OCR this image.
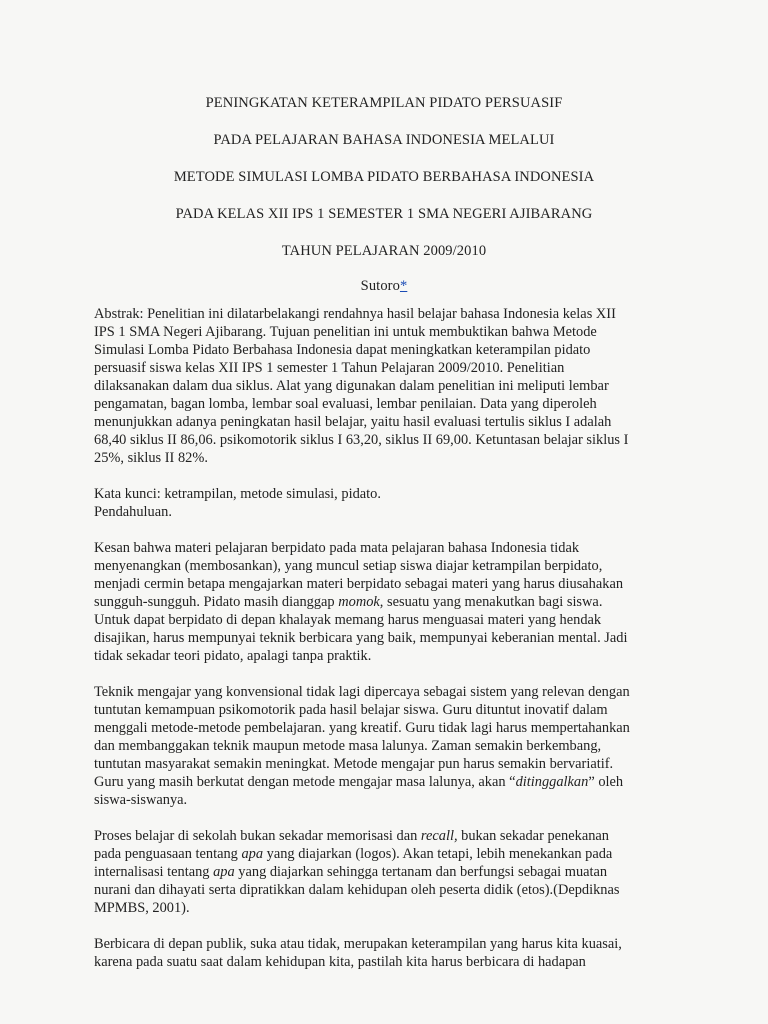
PENINGKATAN KETERAMPILAN PIDATO PERSUASIF
PADA PELAJARAN BAHASA INDONESIA MELALUI
METODE SIMULASI LOMBA PIDATO BERBAHASA INDONESIA
PADA KELAS XII IPS 1 SEMESTER 1 SMA NEGERI AJIBARANG
TAHUN PELAJARAN 2009/2010
Sutoro*

Abstrak: Penelitian ini dilatarbelakangi rendahnya hasil belajar bahasa Indonesia kelas XII
IPS 1 SMA Negeri Ajibarang. Tujuan penelitian ini untuk membuktikan bahwa Metode
Simulasi Lomba Pidato Berbahasa Indonesia dapat meningkatkan keterampilan pidato
persuasif siswa kelas XII IPS 1 semester 1 Tahun Pelajaran 2009/2010. Penelitian
dilaksanakan dalam dua siklus. Alat yang digunakan dalam penelitian ini meliputi lembar
pengamatan, bagan lomba, lembar soal evaluasi, lembar penilaian. Data yang diperoleh
menunjukkan adanya peningkatan hasil belajar, yaitu hasil evaluasi tertulis siklus I adalah
68,40 siklus II 86,06. psikomotorik siklus I 63,20, siklus II 69,00. Ketuntasan belajar siklus I
25%, siklus II 82%.

Kata kunci: ketrampilan, metode simulasi, pidato.

Pendahuluan.

Kesan bahwa materi pelajaran berpidato pada mata pelajaran bahasa Indonesia tidak
menyenangkan (membosankan), yang muncul setiap siswa diajar ketrampilan berpidato,
menjadi cermin betapa mengajarkan materi berpidato sebagai materi yang harus diusahakan
sungguh-sungguh. Pidato masih dianggap momok, sesuatu yang menakutkan bagi siswa.
Untuk dapat berpidato di depan khalayak memang harus menguasai materi yang hendak
disajikan, harus mempunyai teknik berbicara yang baik, mempunyai keberanian mental. Jadi
tidak sekadar teori pidato, apalagi tanpa praktik.

Teknik mengajar yang konvensional tidak lagi dipercaya sebagai sistem yang relevan dengan
tuntutan kemampuan psikomotorik pada hasil belajar siswa. Guru dituntut inovatif dalam
menggali metode-metode pembelajaran. yang kreatif. Guru tidak lagi harus mempertahankan
dan membanggakan teknik maupun metode masa lalunya. Zaman semakin berkembang,
tuntutan masyarakat semakin meningkat. Metode mengajar pun harus semakin bervariatif.
Guru yang masih berkutat dengan metode mengajar masa lalunya, akan “ditinggalkan” oleh
siswa-siswanya.

Proses belajar di sekolah bukan sekadar memorisasi dan recall, bukan sekadar penekanan
pada penguasaan tentang apa yang diajarkan (logos). Akan tetapi, lebih menekankan pada
internalisasi tentang apa yang diajarkan sehingga tertanam dan berfungsi sebagai muatan
nurani dan dihayati serta dipratikkan dalam kehidupan oleh peserta didik (etos).(Depdiknas
MPMBS, 2001).

Berbicara di depan publik, suka atau tidak, merupakan keterampilan yang harus kita kuasai,
karena pada suatu saat dalam kehidupan kita, pastilah kita harus berbicara di hadapan
